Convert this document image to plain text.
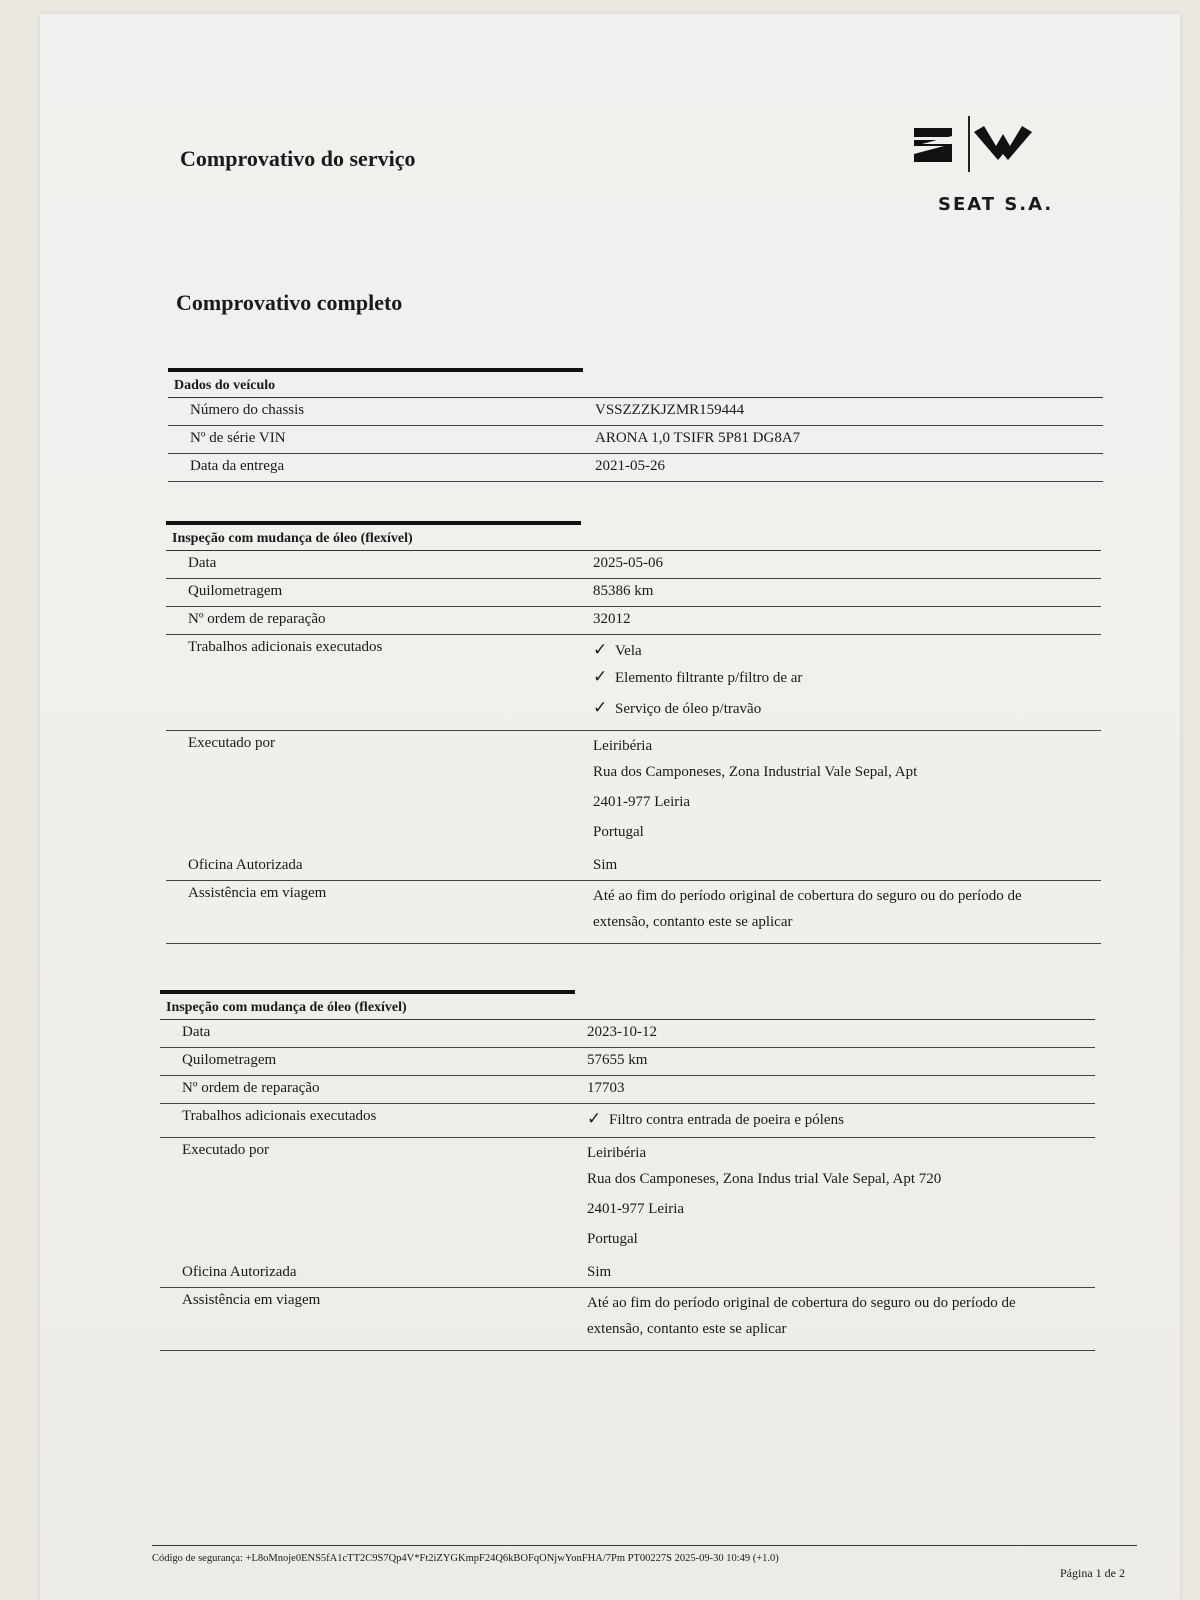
Comprovativo do serviço
SEAT S.A.
Comprovativo completo
Dados do veículo
Número do chassis	VSSZZZKJZMR159444
Nº de série VIN	ARONA 1,0 TSIFR 5P81 DG8A7
Data da entrega	2021-05-26
Inspeção com mudança de óleo (flexível)
Data	2025-05-06
Quilometragem	85386 km
Nº ordem de reparação	32012
Trabalhos adicionais executados	✓ Vela
✓ Elemento filtrante p/filtro de ar
✓ Serviço de óleo p/travão
Executado por	Leiribéria
Rua dos Camponeses, Zona Industrial Vale Sepal, Apt
2401-977 Leiria
Portugal
Oficina Autorizada	Sim
Assistência em viagem	Até ao fim do período original de cobertura do seguro ou do período de
extensão, contanto este se aplicar
Inspeção com mudança de óleo (flexível)
Data	2023-10-12
Quilometragem	57655 km
Nº ordem de reparação	17703
Trabalhos adicionais executados	✓ Filtro contra entrada de poeira e pólens
Executado por	Leiribéria
Rua dos Camponeses, Zona Indus trial Vale Sepal, Apt 720
2401-977 Leiria
Portugal
Oficina Autorizada	Sim
Assistência em viagem	Até ao fim do período original de cobertura do seguro ou do período de
extensão, contanto este se aplicar
Código de segurança: +L8oMnoje0ENS5fA1cTT2C9S7Qp4V*Ft2iZYGKmpF24Q6kBOFqONjwYonFHA/7Pm PT00227S 2025-09-30 10:49 (+1.0)
Página 1 de 2
